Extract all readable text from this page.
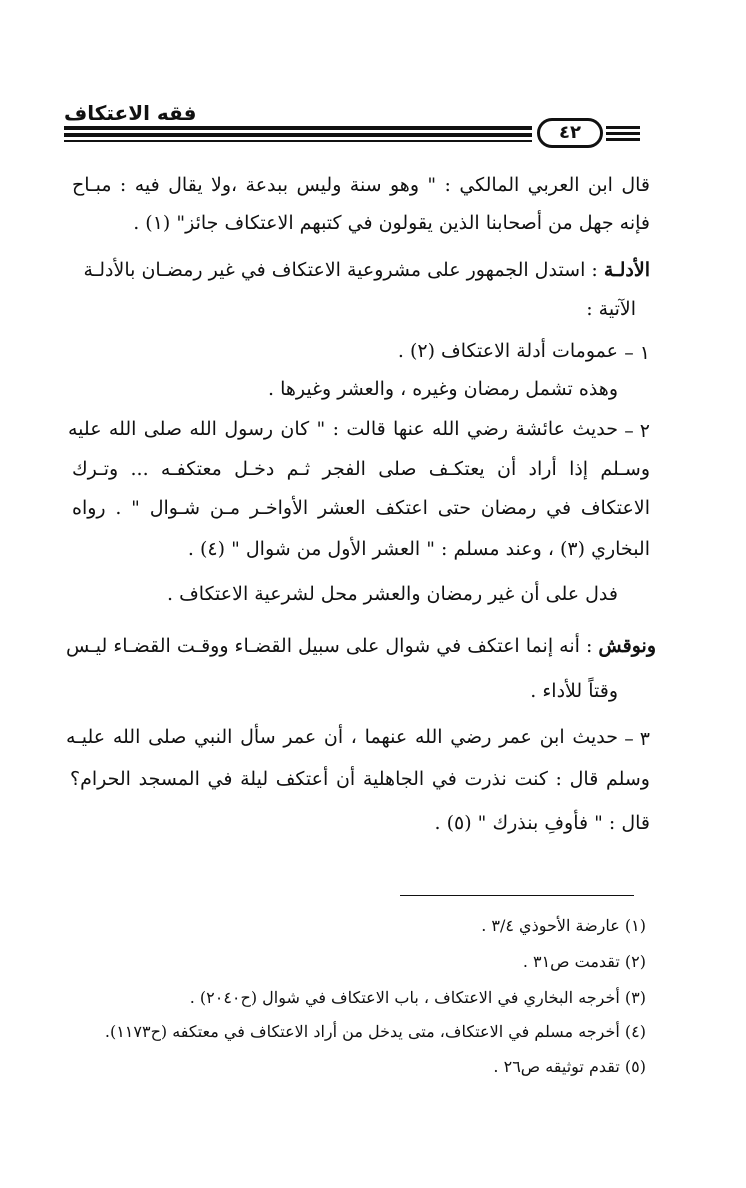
فقه الاعتكاف
٤٢
قال ابن العربي المالكي : " وهو سنة وليس ببدعة ،ولا يقال فيه : مبـاح
فإنه جهل من أصحابنا الذين يقولون في كتبهم الاعتكاف جائز" (١) .
الأدلـة : استدل الجمهور على مشروعية الاعتكاف في غير رمضـان بالأدلـة
الآتية :
١ –
عمومات أدلة الاعتكاف (٢) .
وهذه تشمل رمضان وغيره ، والعشر وغيرها .
٢ –
حديث عائشة رضي الله عنها قالت : " كان رسول الله صلى الله عليه
وسـلم إذا أراد أن يعتكـف صلى الفجر ثـم دخـل معتكفـه ... وتـرك
الاعتكاف في رمضان حتى اعتكف العشر الأواخـر مـن شـوال " . رواه
البخاري (٣) ، وعند مسلم : " العشر الأول من شوال " (٤) .
فدل على أن غير رمضان والعشر محل لشرعية الاعتكاف .
ونوقش : أنه إنما اعتكف في شوال على سبيل القضـاء ووقـت القضـاء ليـس
وقتاً للأداء .
٣ –
حديث ابن عمر رضي الله عنهما ، أن عمر سأل النبي صلى الله عليـه
وسلم قال : كنت نذرت في الجاهلية أن أعتكف ليلة في المسجد الحرام؟
قال : " فأوفِ بنذرك " (٥) .
(١) عارضة الأحوذي ٣/٤ .
(٢) تقدمت ص٣١ .
(٣) أخرجه البخاري في الاعتكاف ، باب الاعتكاف في شوال (ح٢٠٤٠) .
(٤) أخرجه مسلم في الاعتكاف، متى يدخل من أراد الاعتكاف في معتكفه (ح١١٧٣).
(٥) تقدم توثيقه ص٢٦ .
